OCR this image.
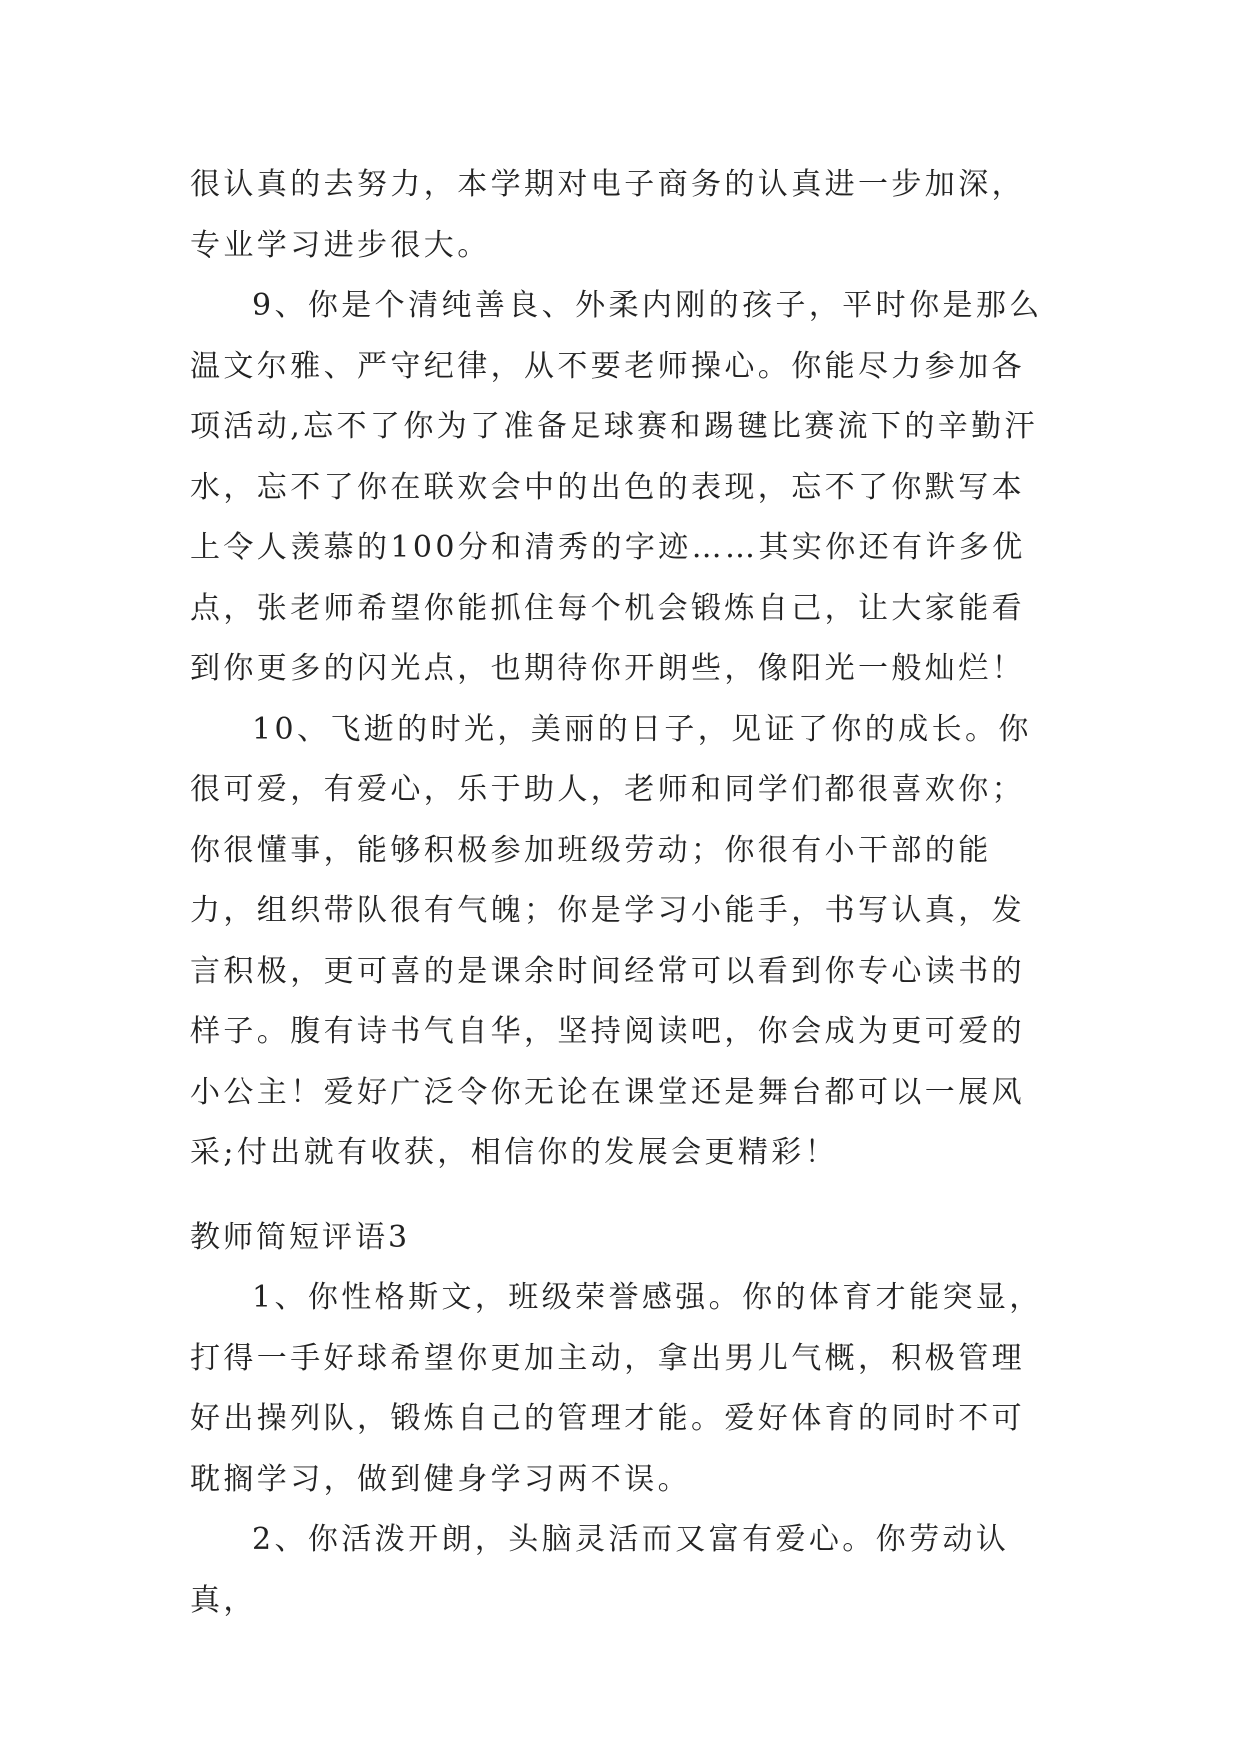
很认真的去努力，本学期对电子商务的认真进一步加深，专业学习进步很大。

9、你是个清纯善良、外柔内刚的孩子，平时你是那么温文尔雅、严守纪律，从不要老师操心。你能尽力参加各项活动,忘不了你为了准备足球赛和踢毽比赛流下的辛勤汗水，忘不了你在联欢会中的出色的表现，忘不了你默写本上令人羡慕的100分和清秀的字迹……其实你还有许多优点，张老师希望你能抓住每个机会锻炼自己，让大家能看到你更多的闪光点，也期待你开朗些，像阳光一般灿烂！

10、飞逝的时光，美丽的日子，见证了你的成长。你很可爱，有爱心，乐于助人，老师和同学们都很喜欢你；你很懂事，能够积极参加班级劳动；你很有小干部的能力，组织带队很有气魄；你是学习小能手，书写认真，发言积极，更可喜的是课余时间经常可以看到你专心读书的样子。腹有诗书气自华，坚持阅读吧，你会成为更可爱的小公主！爱好广泛令你无论在课堂还是舞台都可以一展风采;付出就有收获，相信你的发展会更精彩！

教师简短评语3

1、你性格斯文，班级荣誉感强。你的体育才能突显，打得一手好球希望你更加主动，拿出男儿气概，积极管理好出操列队，锻炼自己的管理才能。爱好体育的同时不可耽搁学习，做到健身学习两不误。

2、你活泼开朗，头脑灵活而又富有爱心。你劳动认真，
